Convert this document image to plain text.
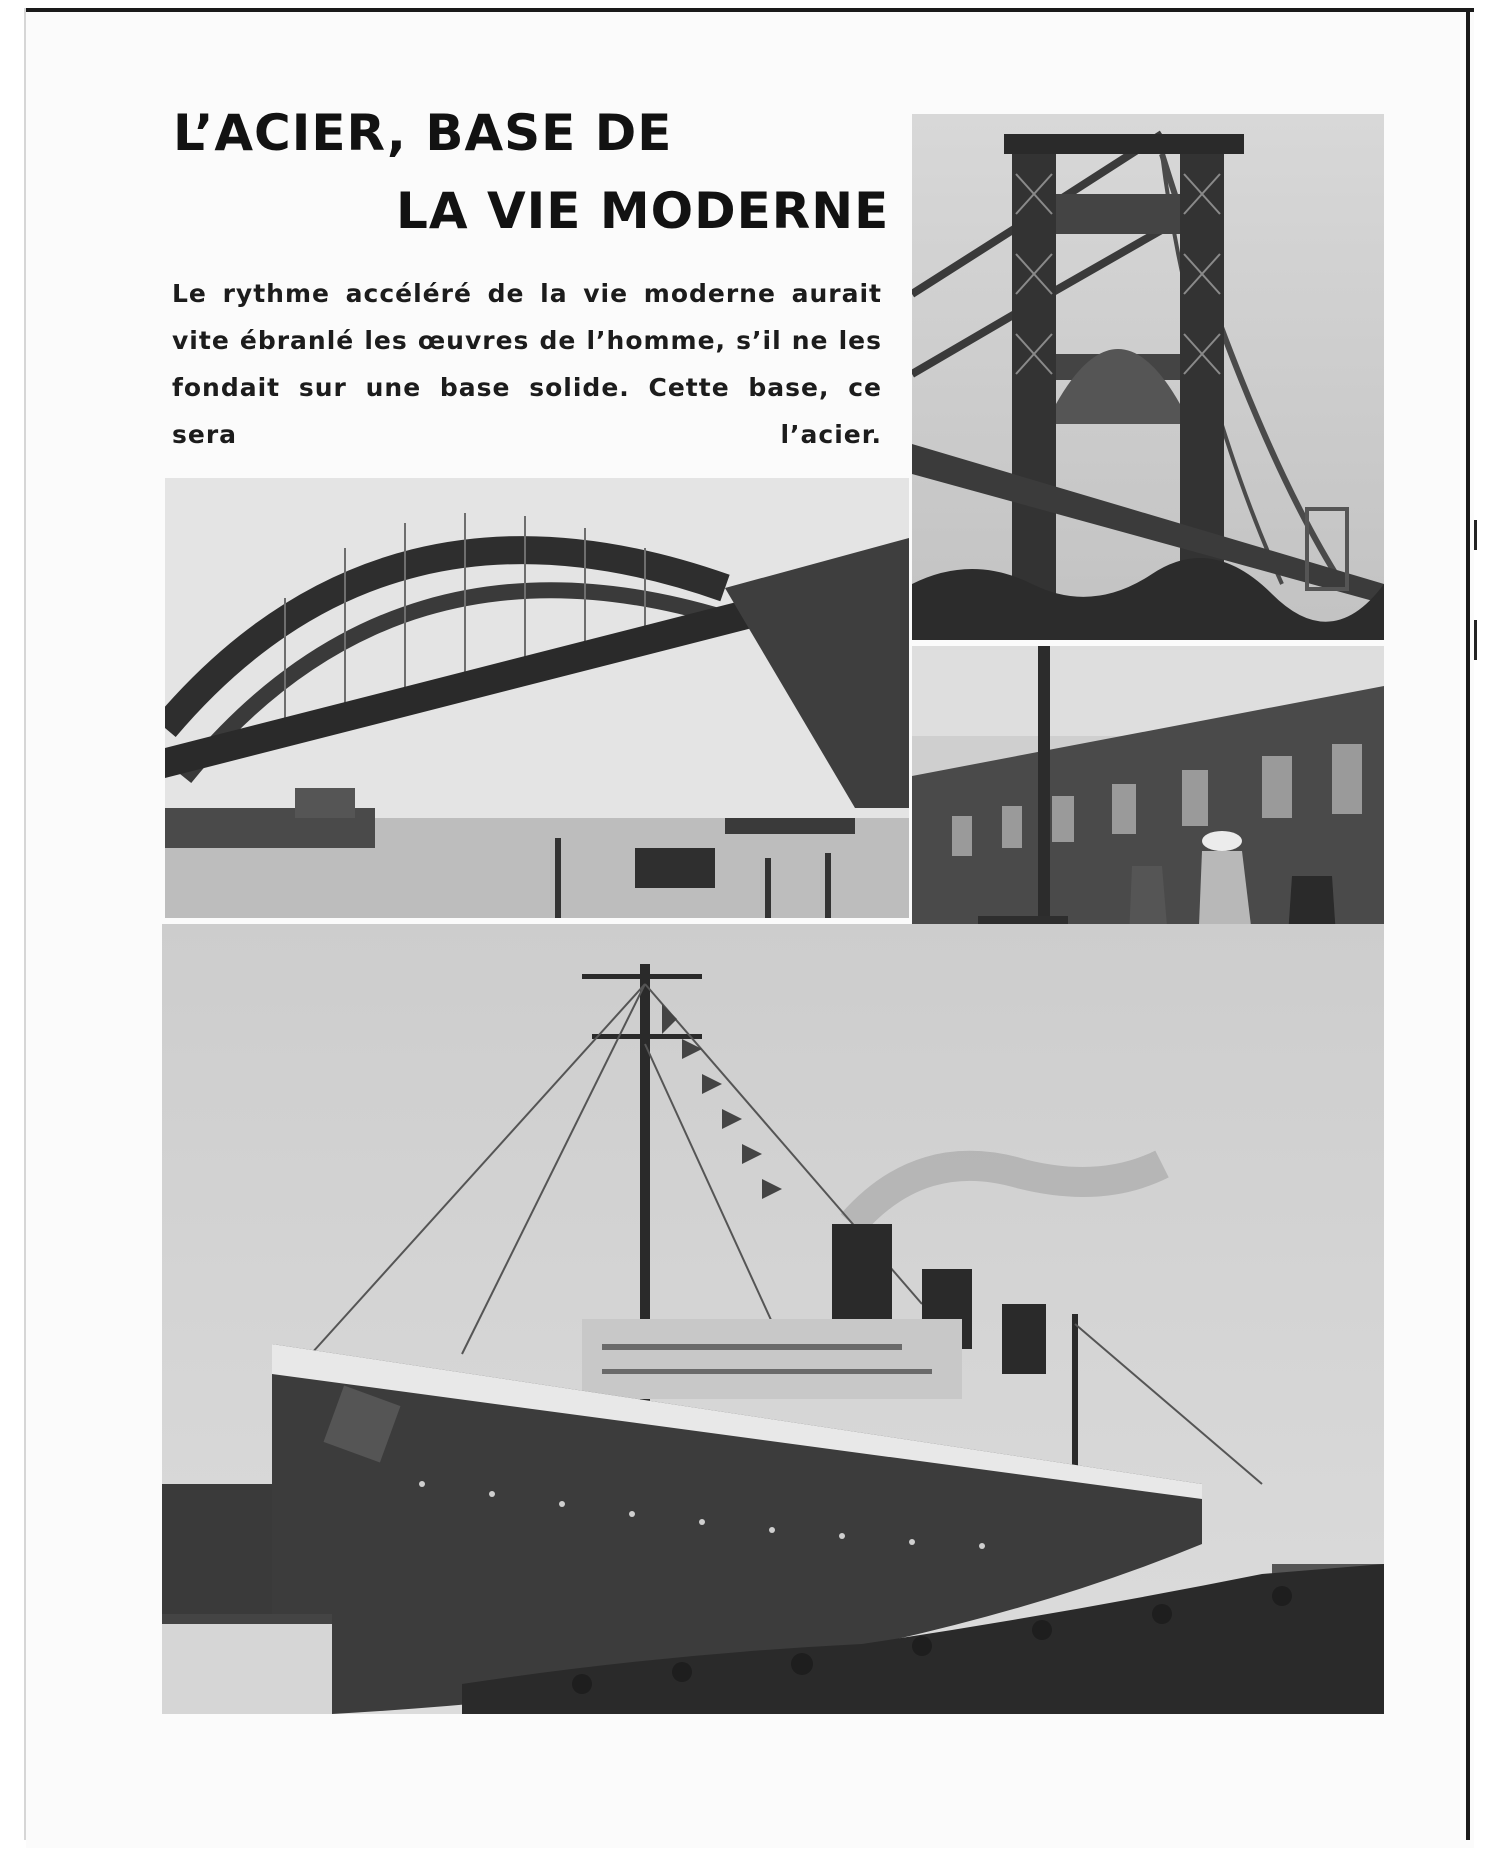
L’ACIER, BASE DE
LA VIE MODERNE

Le rythme accéléré de la vie moderne aurait vite ébranlé les œuvres de l’homme, s’il ne les fondait sur une base solide. Cette base, ce sera l’acier.
